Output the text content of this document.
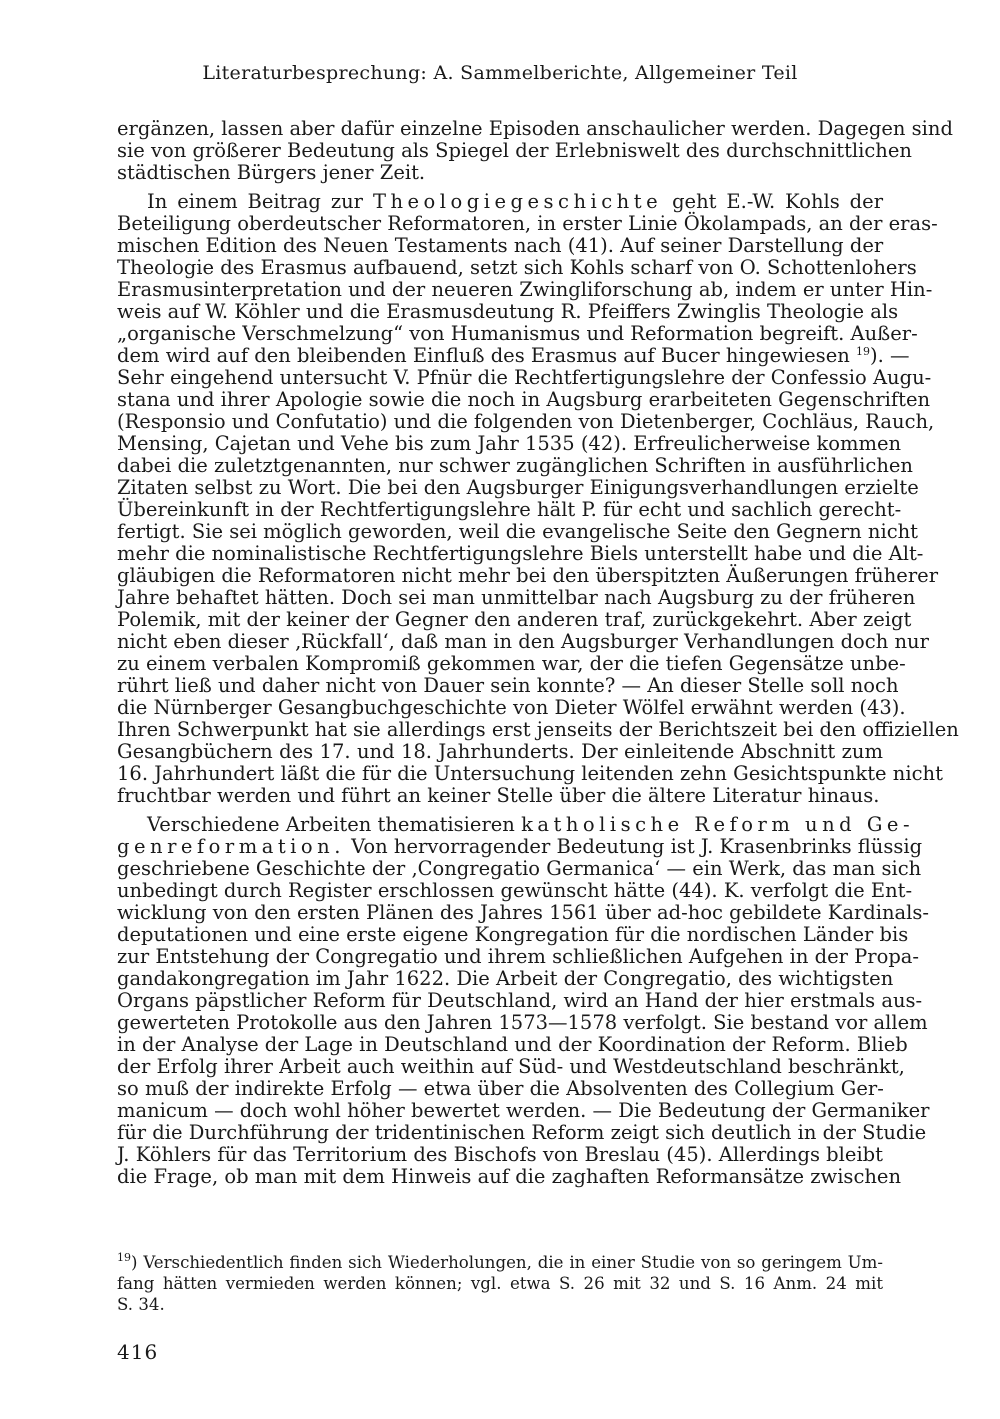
Literaturbesprechung: A. Sammelberichte, Allgemeiner Teil
ergänzen, lassen aber dafür einzelne Episoden anschaulicher werden. Dagegen sind
sie von größerer Bedeutung als Spiegel der Erlebniswelt des durchschnittlichen
städtischen Bürgers jener Zeit.
In einem Beitrag zur Theologiegeschichte geht E.-W. Kohls der
Beteiligung oberdeutscher Reformatoren, in erster Linie Ökolampads, an der eras-
mischen Edition des Neuen Testaments nach (41). Auf seiner Darstellung der
Theologie des Erasmus aufbauend, setzt sich Kohls scharf von O. Schottenlohers
Erasmusinterpretation und der neueren Zwingliforschung ab, indem er unter Hin-
weis auf W. Köhler und die Erasmusdeutung R. Pfeiffers Zwinglis Theologie als
„organische Verschmelzung“ von Humanismus und Reformation begreift. Außer-
dem wird auf den bleibenden Einfluß des Erasmus auf Bucer hingewiesen $^{19}$). —
Sehr eingehend untersucht V. Pfnür die Rechtfertigungslehre der Confessio Augu-
stana und ihrer Apologie sowie die noch in Augsburg erarbeiteten Gegenschriften
(Responsio und Confutatio) und die folgenden von Dietenberger, Cochläus, Rauch,
Mensing, Cajetan und Vehe bis zum Jahr 1535 (42). Erfreulicherweise kommen
dabei die zuletztgenannten, nur schwer zugänglichen Schriften in ausführlichen
Zitaten selbst zu Wort. Die bei den Augsburger Einigungsverhandlungen erzielte
Übereinkunft in der Rechtfertigungslehre hält P. für echt und sachlich gerecht-
fertigt. Sie sei möglich geworden, weil die evangelische Seite den Gegnern nicht
mehr die nominalistische Rechtfertigungslehre Biels unterstellt habe und die Alt-
gläubigen die Reformatoren nicht mehr bei den überspitzten Äußerungen früherer
Jahre behaftet hätten. Doch sei man unmittelbar nach Augsburg zu der früheren
Polemik, mit der keiner der Gegner den anderen traf, zurückgekehrt. Aber zeigt
nicht eben dieser ‚Rückfall‘, daß man in den Augsburger Verhandlungen doch nur
zu einem verbalen Kompromiß gekommen war, der die tiefen Gegensätze unbe-
rührt ließ und daher nicht von Dauer sein konnte? — An dieser Stelle soll noch
die Nürnberger Gesangbuchgeschichte von Dieter Wölfel erwähnt werden (43).
Ihren Schwerpunkt hat sie allerdings erst jenseits der Berichtszeit bei den offiziellen
Gesangbüchern des 17. und 18. Jahrhunderts. Der einleitende Abschnitt zum
16. Jahrhundert läßt die für die Untersuchung leitenden zehn Gesichtspunkte nicht
fruchtbar werden und führt an keiner Stelle über die ältere Literatur hinaus.
Verschiedene Arbeiten thematisieren katholische Reform und Ge-
genreformation. Von hervorragender Bedeutung ist J. Krasenbrinks flüssig
geschriebene Geschichte der ‚Congregatio Germanica‘ — ein Werk, das man sich
unbedingt durch Register erschlossen gewünscht hätte (44). K. verfolgt die Ent-
wicklung von den ersten Plänen des Jahres 1561 über ad-hoc gebildete Kardinals-
deputationen und eine erste eigene Kongregation für die nordischen Länder bis
zur Entstehung der Congregatio und ihrem schließlichen Aufgehen in der Propa-
gandakongregation im Jahr 1622. Die Arbeit der Congregatio, des wichtigsten
Organs päpstlicher Reform für Deutschland, wird an Hand der hier erstmals aus-
gewerteten Protokolle aus den Jahren 1573—1578 verfolgt. Sie bestand vor allem
in der Analyse der Lage in Deutschland und der Koordination der Reform. Blieb
der Erfolg ihrer Arbeit auch weithin auf Süd- und Westdeutschland beschränkt,
so muß der indirekte Erfolg — etwa über die Absolventen des Collegium Ger-
manicum — doch wohl höher bewertet werden. — Die Bedeutung der Germaniker
für die Durchführung der tridentinischen Reform zeigt sich deutlich in der Studie
J. Köhlers für das Territorium des Bischofs von Breslau (45). Allerdings bleibt
die Frage, ob man mit dem Hinweis auf die zaghaften Reformansätze zwischen
$^{19}$) Verschiedentlich finden sich Wiederholungen, die in einer Studie von so geringem Um-
fang hätten vermieden werden können; vgl. etwa S. 26 mit 32 und S. 16 Anm. 24 mit
S. 34.
416
